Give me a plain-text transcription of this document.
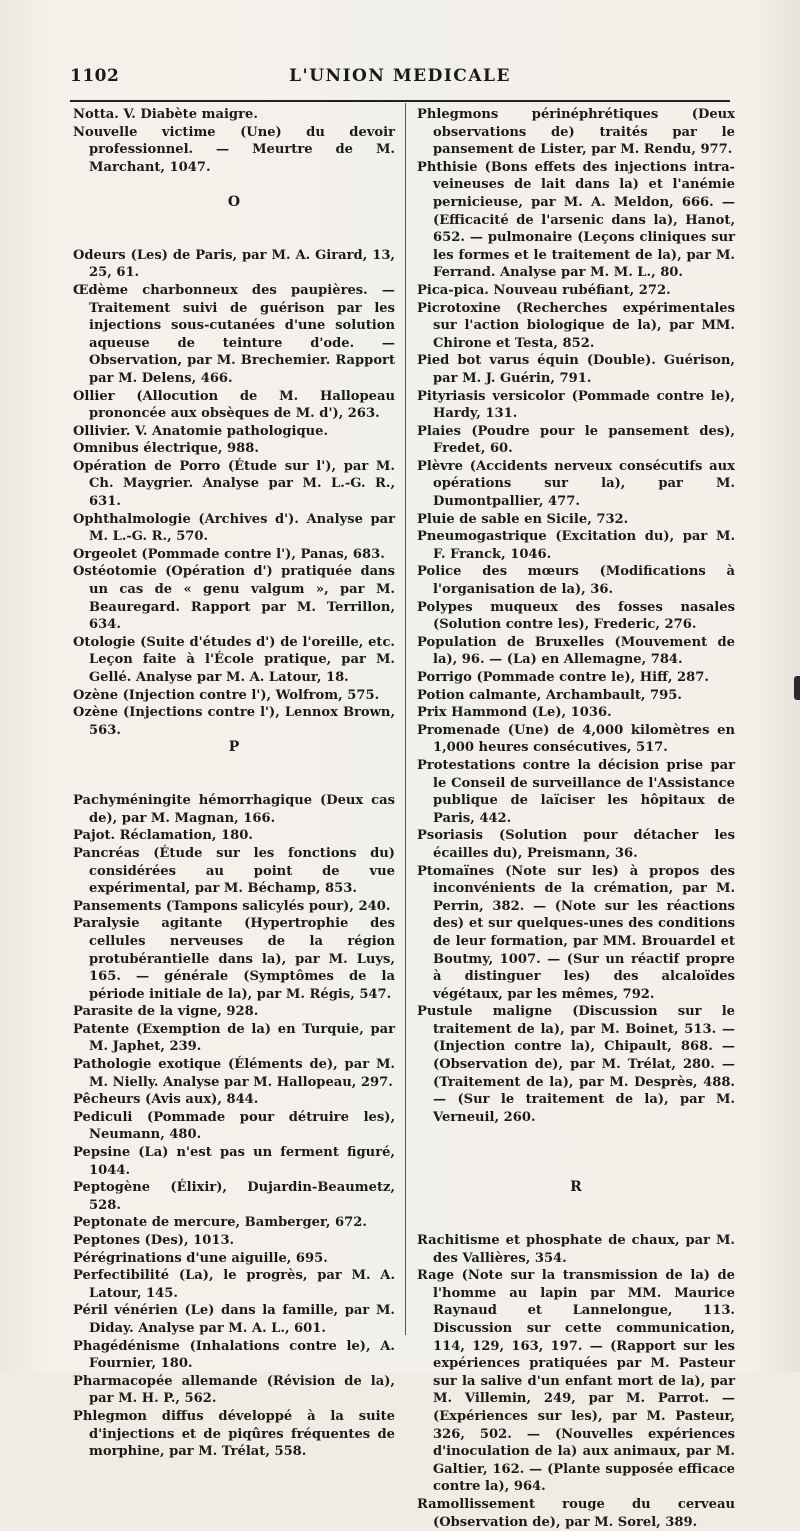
1102	L'UNION MEDICALE

Notta. V. Diabète maigre.

Nouvelle victime (Une) du devoir professionnel. — Meurtre de M. Marchant, 1047.

O

Odeurs (Les) de Paris, par M. A. Girard, 13, 25, 61.

Œdème charbonneux des paupières. — Traitement suivi de guérison par les injections sous-cutanées d'une solution aqueuse de teinture d'ode. — Observation, par M. Brechemier. Rapport par M. Delens, 466.

Ollier (Allocution de M. Hallopeau prononcée aux obsèques de M. d'), 263.

Ollivier. V. Anatomie pathologique.

Omnibus électrique, 988.

Opération de Porro (Étude sur l'), par M. Ch. Maygrier. Analyse par M. L.-G. R., 631.

Ophthalmologie (Archives d'). Analyse par M. L.-G. R., 570.

Orgeolet (Pommade contre l'), Panas, 683.

Ostéotomie (Opération d') pratiquée dans un cas de « genu valgum », par M. Beauregard. Rapport par M. Terrillon, 634.

Otologie (Suite d'études d') de l'oreille, etc. Leçon faite à l'École pratique, par M. Gellé. Analyse par M. A. Latour, 18.

Ozène (Injection contre l'), Wolfrom, 575.

Ozène (Injections contre l'), Lennox Brown, 563.

P

Pachyméningite hémorrhagique (Deux cas de), par M. Magnan, 166.

Pajot. Réclamation, 180.

Pancréas (Étude sur les fonctions du) considérées au point de vue expérimental, par M. Béchamp, 853.

Pansements (Tampons salicylés pour), 240.

Paralysie agitante (Hypertrophie des cellules nerveuses de la région protubérantielle dans la), par M. Luys, 165. — générale (Symptômes de la période initiale de la), par M. Régis, 547.

Parasite de la vigne, 928.

Patente (Exemption de la) en Turquie, par M. Japhet, 239.

Pathologie exotique (Éléments de), par M. M. Nielly. Analyse par M. Hallopeau, 297.

Pêcheurs (Avis aux), 844.

Pediculi (Pommade pour détruire les), Neumann, 480.

Pepsine (La) n'est pas un ferment figuré, 1044.

Peptogène (Élixir), Dujardin-Beaumetz, 528.

Peptonate de mercure, Bamberger, 672.

Peptones (Des), 1013.

Pérégrinations d'une aiguille, 695.

Perfectibilité (La), le progrès, par M. A. Latour, 145.

Péril vénérien (Le) dans la famille, par M. Diday. Analyse par M. A. L., 601.

Phagédénisme (Inhalations contre le), A. Fournier, 180.

Pharmacopée allemande (Révision de la), par M. H. P., 562.

Phlegmon diffus développé à la suite d'injections et de piqûres fréquentes de morphine, par M. Trélat, 558.

Phlegmons périnéphrétiques (Deux observations de) traités par le pansement de Lister, par M. Rendu, 977.

Phthisie (Bons effets des injections intra-veineuses de lait dans la) et l'anémie pernicieuse, par M. A. Meldon, 666. — (Efficacité de l'arsenic dans la), Hanot, 652. — pulmonaire (Leçons cliniques sur les formes et le traitement de la), par M. Ferrand. Analyse par M. M. L., 80.

Pica-pica. Nouveau rubéfiant, 272.

Picrotoxine (Recherches expérimentales sur l'action biologique de la), par MM. Chirone et Testa, 852.

Pied bot varus équin (Double). Guérison, par M. J. Guérin, 791.

Pityriasis versicolor (Pommade contre le), Hardy, 131.

Plaies (Poudre pour le pansement des), Fredet, 60.

Plèvre (Accidents nerveux consécutifs aux opérations sur la), par M. Dumontpallier, 477.

Pluie de sable en Sicile, 732.

Pneumogastrique (Excitation du), par M. F. Franck, 1046.

Police des mœurs (Modifications à l'organisation de la), 36.

Polypes muqueux des fosses nasales (Solution contre les), Frederic, 276.

Population de Bruxelles (Mouvement de la), 96. — (La) en Allemagne, 784.

Porrigo (Pommade contre le), Hiff, 287.

Potion calmante, Archambault, 795.

Prix Hammond (Le), 1036.

Promenade (Une) de 4,000 kilomètres en 1,000 heures consécutives, 517.

Protestations contre la décision prise par le Conseil de surveillance de l'Assistance publique de laïciser les hôpitaux de Paris, 442.

Psoriasis (Solution pour détacher les écailles du), Preismann, 36.

Ptomaïnes (Note sur les) à propos des inconvénients de la crémation, par M. Perrin, 382. — (Note sur les réactions des) et sur quelques-unes des conditions de leur formation, par MM. Brouardel et Boutmy, 1007. — (Sur un réactif propre à distinguer les) des alcaloïdes végétaux, par les mêmes, 792.

Pustule maligne (Discussion sur le traitement de la), par M. Boinet, 513. — (Injection contre la), Chipault, 868. — (Observation de), par M. Trélat, 280. — (Traitement de la), par M. Desprès, 488. — (Sur le traitement de la), par M. Verneuil, 260.

R

Rachitisme et phosphate de chaux, par M. des Vallières, 354.

Rage (Note sur la transmission de la) de l'homme au lapin par MM. Maurice Raynaud et Lannelongue, 113. Discussion sur cette communication, 114, 129, 163, 197. — (Rapport sur les expériences pratiquées par M. Pasteur sur la salive d'un enfant mort de la), par M. Villemin, 249, par M. Parrot. — (Expériences sur les), par M. Pasteur, 326, 502. — (Nouvelles expériences d'inoculation de la) aux animaux, par M. Galtier, 162. — (Plante supposée efficace contre la), 964.

Ramollissement rouge du cerveau (Observation de), par M. Sorel, 389.
